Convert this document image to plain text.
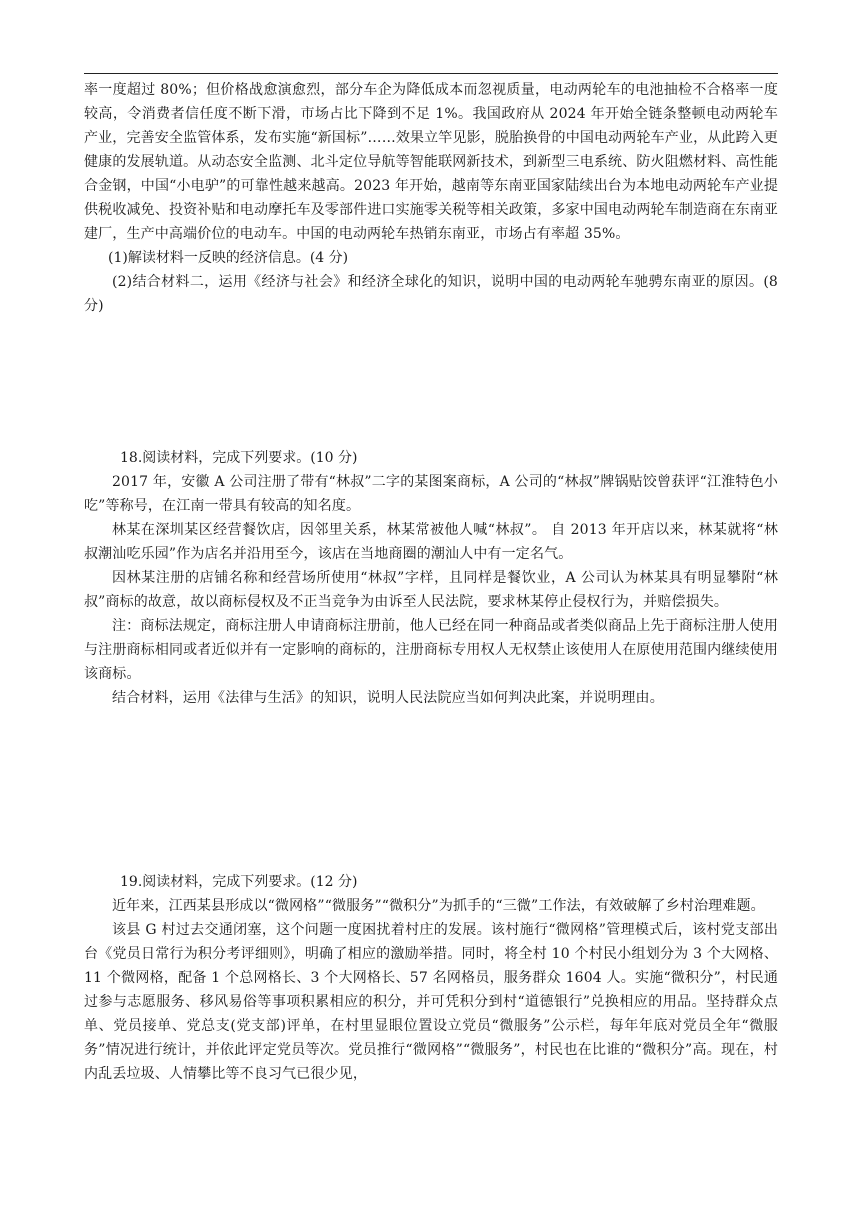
率一度超过 80%；但价格战愈演愈烈，部分车企为降低成本而忽视质量，电动两轮车的电池抽检不合格率一度较高，令消费者信任度不断下滑，市场占比下降到不足 1%。我国政府从 2024 年开始全链条整顿电动两轮车产业，完善安全监管体系，发布实施“新国标”……效果立竿见影，脱胎换骨的中国电动两轮车产业，从此跨入更健康的发展轨道。从动态安全监测、北斗定位导航等智能联网新技术，到新型三电系统、防火阻燃材料、高性能合金钢，中国“小电驴”的可靠性越来越高。2023 年开始，越南等东南亚国家陆续出台为本地电动两轮车产业提供税收减免、投资补贴和电动摩托车及零部件进口实施零关税等相关政策，多家中国电动两轮车制造商在东南亚建厂，生产中高端价位的电动车。中国的电动两轮车热销东南亚，市场占有率超 35%。

(1)解读材料一反映的经济信息。(4 分)

(2)结合材料二，运用《经济与社会》和经济全球化的知识，说明中国的电动两轮车驰骋东南亚的原因。(8 分)

18.阅读材料，完成下列要求。(10 分)

2017 年，安徽 A 公司注册了带有“林叔”二字的某图案商标，A 公司的“林叔”牌锅贴饺曾获评“江淮特色小吃”等称号，在江南一带具有较高的知名度。

林某在深圳某区经营餐饮店，因邻里关系，林某常被他人喊“林叔”。 自 2013 年开店以来，林某就将“林叔潮汕吃乐园”作为店名并沿用至今，该店在当地商圈的潮汕人中有一定名气。

因林某注册的店铺名称和经营场所使用“林叔”字样，且同样是餐饮业，A 公司认为林某具有明显攀附“林叔”商标的故意，故以商标侵权及不正当竞争为由诉至人民法院，要求林某停止侵权行为，并赔偿损失。

注：商标法规定，商标注册人申请商标注册前，他人已经在同一种商品或者类似商品上先于商标注册人使用与注册商标相同或者近似并有一定影响的商标的，注册商标专用权人无权禁止该使用人在原使用范围内继续使用该商标。

结合材料，运用《法律与生活》的知识，说明人民法院应当如何判决此案，并说明理由。

19.阅读材料，完成下列要求。(12 分)

近年来，江西某县形成以“微网格”“微服务”“微积分”为抓手的“三微”工作法，有效破解了乡村治理难题。

该县 G 村过去交通闭塞，这个问题一度困扰着村庄的发展。该村施行“微网格”管理模式后，该村党支部出台《党员日常行为积分考评细则》，明确了相应的激励举措。同时，将全村 10 个村民小组划分为 3 个大网格、11 个微网格，配备 1 个总网格长、3 个大网格长、57 名网格员，服务群众 1604 人。实施“微积分”，村民通过参与志愿服务、移风易俗等事项积累相应的积分，并可凭积分到村“道德银行”兑换相应的用品。坚持群众点单、党员接单、党总支(党支部)评单，在村里显眼位置设立党员“微服务”公示栏，每年年底对党员全年“微服务”情况进行统计，并依此评定党员等次。党员推行“微网格”“微服务”，村民也在比谁的“微积分”高。现在，村内乱丢垃圾、人情攀比等不良习气已很少见，
